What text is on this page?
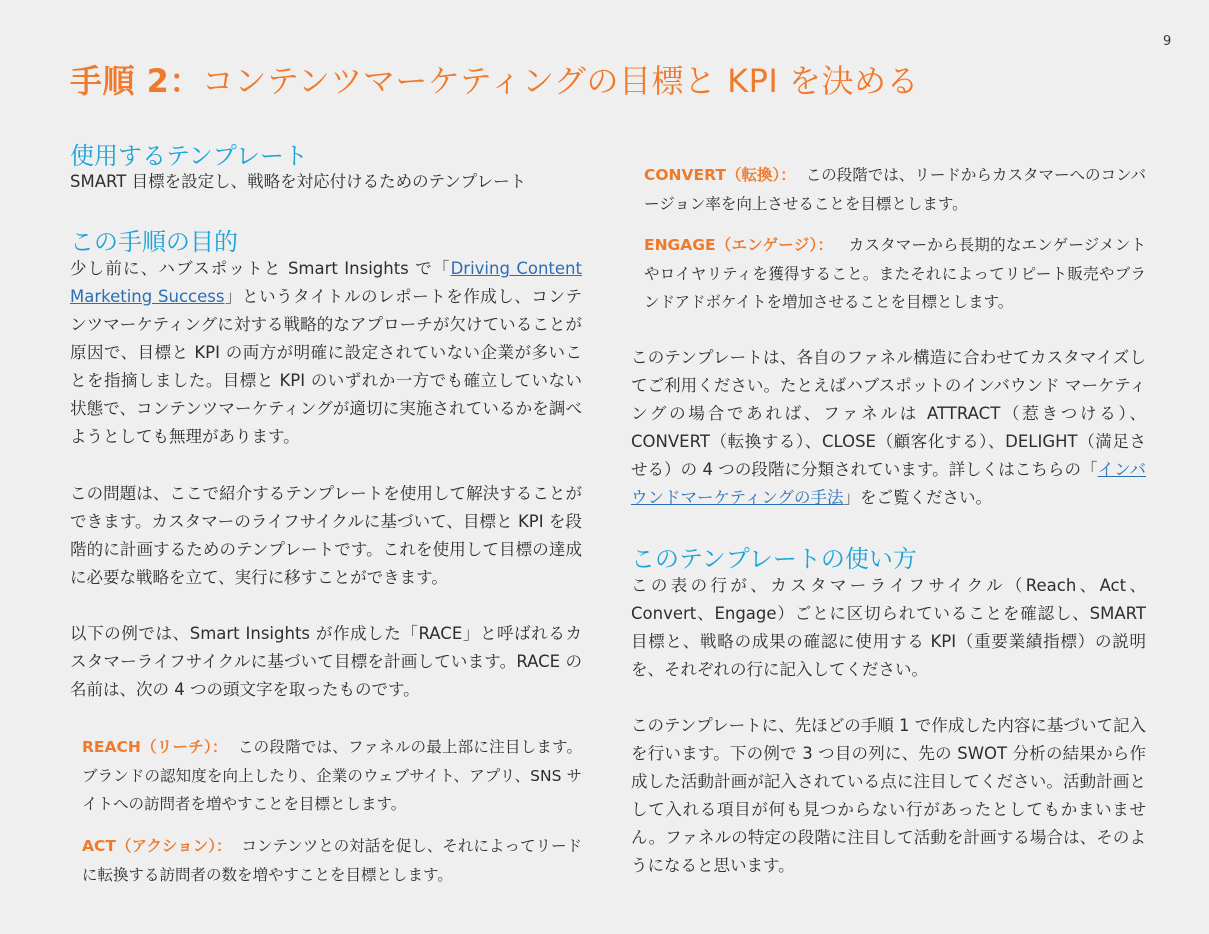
9
手順 2：コンテンツマーケティングの目標と KPI を決める
使用するテンプレート

SMART 目標を設定し、戦略を対応付けるためのテンプレート

この手順の目的

少し前に、ハブスポットと Smart Insights で「Driving Content Marketing Success」というタイトルのレポートを作成し、コンテンツマーケティングに対する戦略的なアプローチが欠けていることが原因で、目標と KPI の両方が明確に設定されていない企業が多いことを指摘しました。目標と KPI のいずれか一方でも確立していない状態で、コンテンツマーケティングが適切に実施されているかを調べようとしても無理があります。

この問題は、ここで紹介するテンプレートを使用して解決することができます。カスタマーのライフサイクルに基づいて、目標と KPI を段階的に計画するためのテンプレートです。これを使用して目標の達成に必要な戦略を立て、実行に移すことができます。

以下の例では、Smart Insights が作成した「RACE」と呼ばれるカスタマーライフサイクルに基づいて目標を計画しています。RACE の名前は、次の 4 つの頭文字を取ったものです。

REACH（リーチ）： この段階では、ファネルの最上部に注目します。ブランドの認知度を向上したり、企業のウェブサイト、アプリ、SNS サイトへの訪問者を増やすことを目標とします。

ACT（アクション）： コンテンツとの対話を促し、それによってリードに転換する訪問者の数を増やすことを目標とします。

CONVERT（転換）： この段階では、リードからカスタマーへのコンバージョン率を向上させることを目標とします。

ENGAGE（エンゲージ）： カスタマーから長期的なエンゲージメントやロイヤリティを獲得すること。またそれによってリピート販売やブランドアドボケイトを増加させることを目標とします。

このテンプレートは、各自のファネル構造に合わせてカスタマイズしてご利用ください。たとえばハブスポットのインバウンド マーケティングの場合であれば、ファネルは ATTRACT（惹きつける）、CONVERT（転換する）、CLOSE（顧客化する）、DELIGHT（満足させる）の 4 つの段階に分類されています。詳しくはこちらの「インバウンドマーケティングの手法」をご覧ください。

このテンプレートの使い方

この表の行が、カスタマーライフサイクル（Reach、Act、Convert、Engage）ごとに区切られていることを確認し、SMART 目標と、戦略の成果の確認に使用する KPI（重要業績指標）の説明を、それぞれの行に記入してください。

このテンプレートに、先ほどの手順 1 で作成した内容に基づいて記入を行います。下の例で 3 つ目の列に、先の SWOT 分析の結果から作成した活動計画が記入されている点に注目してください。活動計画として入れる項目が何も見つからない行があったとしてもかまいません。ファネルの特定の段階に注目して活動を計画する場合は、そのようになると思います。
